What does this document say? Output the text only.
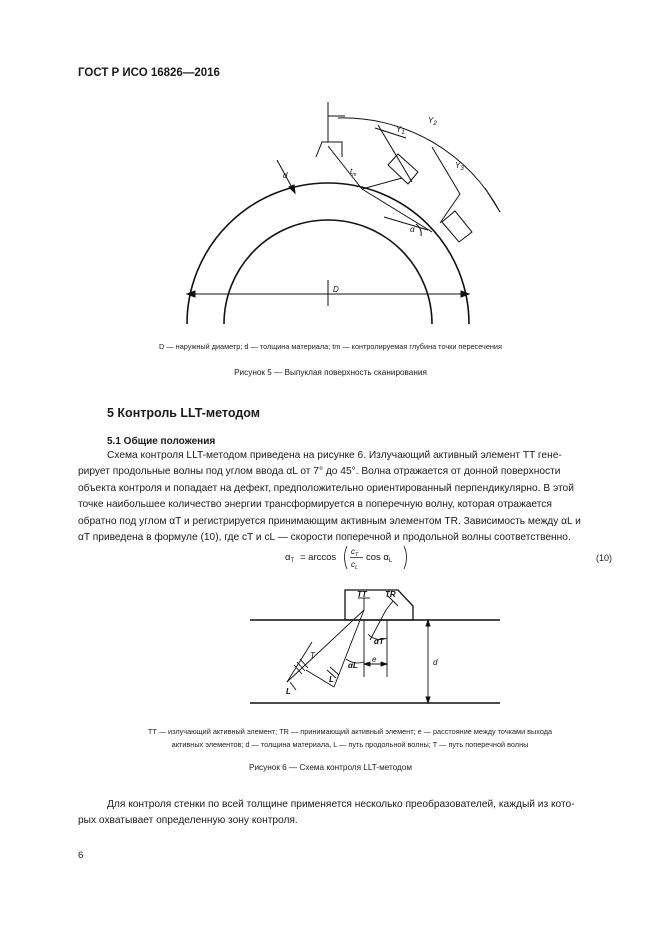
ГОСТ Р ИСО 16826—2016
$Y_1$
$Y_2$
$Y_3$
$t_m$
d
α
D
D — наружный диаметр; d — толщина материала; tm — контролируемая глубина точки пересечения
Рисунок 5 — Выпуклая поверхность сканирования
5 Контроль LLT-методом
5.1 Общие положения

Схема контроля LLT-методом приведена на рисунке 6. Излучающий активный элемент TT гене-

рирует продольные волны под углом ввода αL от 7° до 45°. Волна отражается от донной поверхности

объекта контроля и попадает на дефект, предположительно ориентированный перпендикулярно. В этой

точке наибольшее количество энергии трансформируется в поперечную волну, которая отражается

обратно под углом αT и регистрируется принимающим активным элементом TR. Зависимость между αL и

αT приведена в формуле (10), где cT и cL — скорости поперечной и продольной волны соответственно.

$\alpha_T = \arccos$
$c_T$
$c_L$
$\cos \alpha_L$	(10)
TT TR
αT
αL
e	d
T
L
L
TT — излучающий активный элемент; TR — принимающий активный элемент; e — расстояние между точками выхода
активных элементов; d — толщина материала, L — путь продольной волны; T — путь поперечной волны
Рисунок 6 — Схема контроля LLT-методом

Для контроля стенки по всей толщине применяется несколько преобразователей, каждый из кото-

рых охватывает определенную зону контроля.

6
